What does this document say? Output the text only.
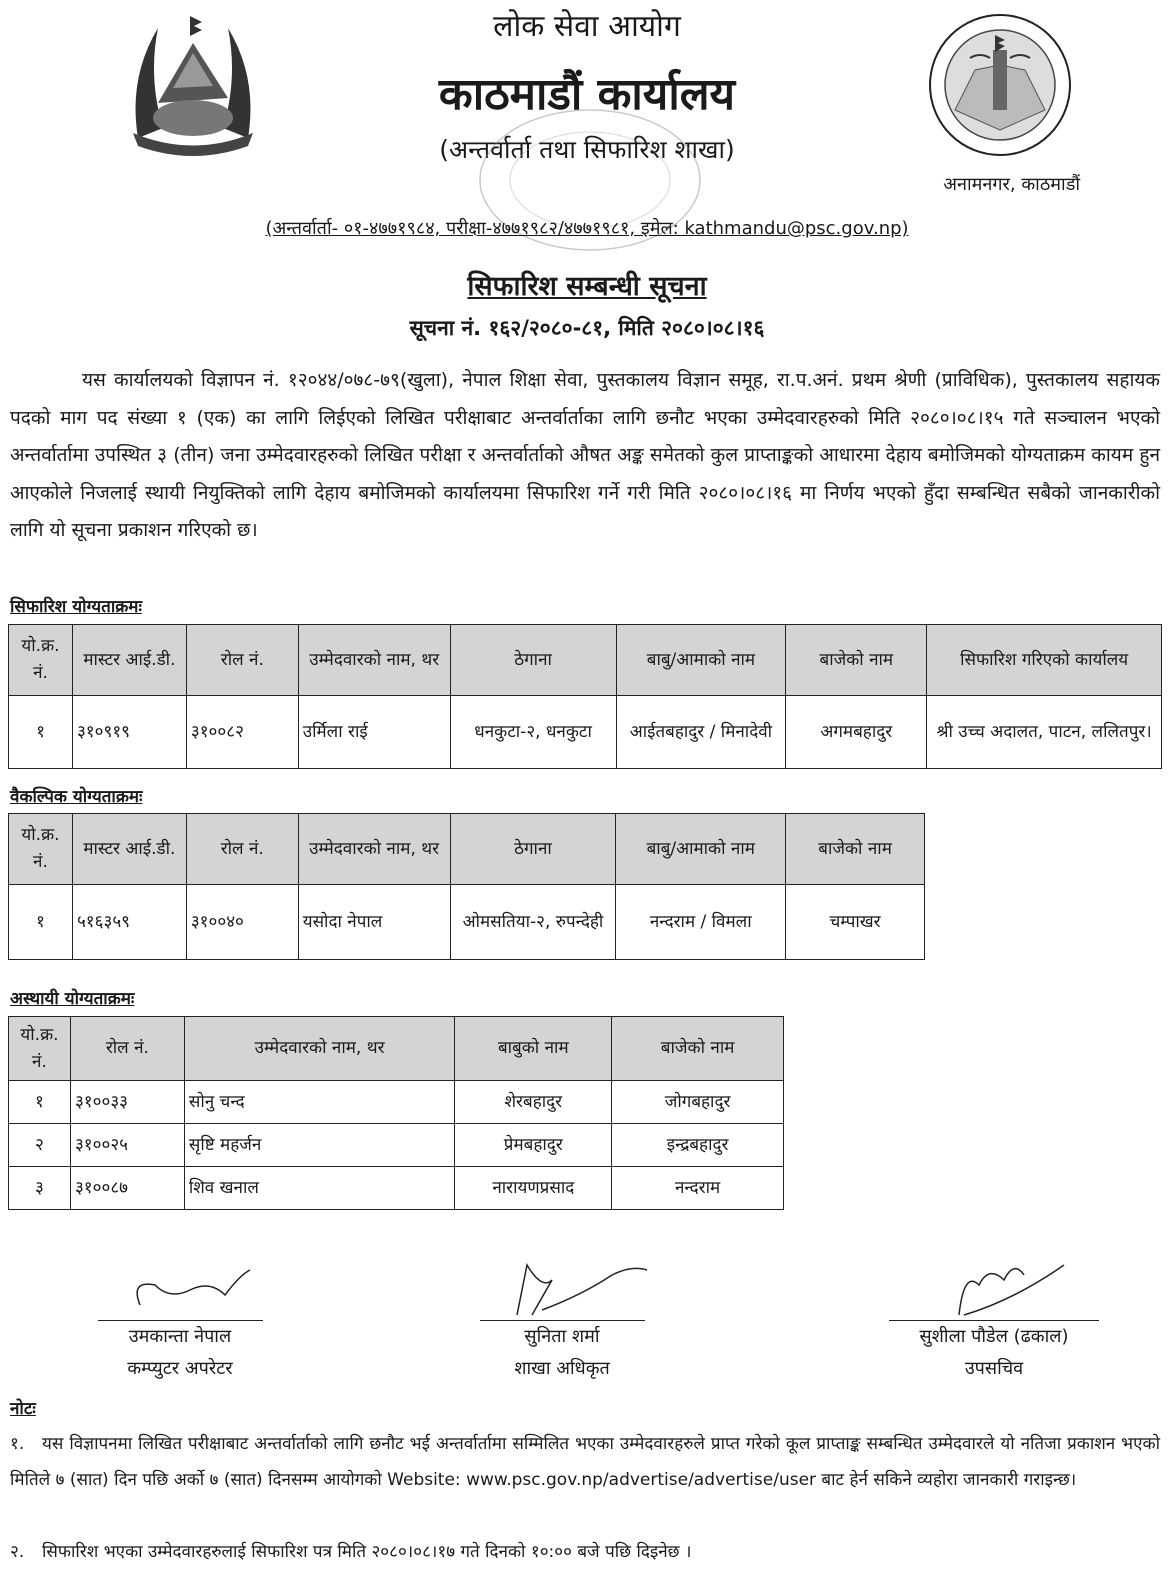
लोक सेवा आयोग
काठमाडौं कार्यालय
(अन्तर्वार्ता तथा सिफारिश शाखा)
अनामनगर, काठमाडौं
(अन्तर्वार्ता- ०१-४७७१९८४, परीक्षा-४७७१९८२/४७७१९८१, इमेल: kathmandu@psc.gov.np)
सिफारिश सम्बन्धी सूचना
सूचना नं. १६२/२०८०-८१, मिति २०८०।०८।१६
यस कार्यालयको विज्ञापन नं. १२०४४/०७८-७९(खुला), नेपाल शिक्षा सेवा, पुस्तकालय विज्ञान समूह, रा.प.अनं. प्रथम श्रेणी (प्राविधिक), पुस्तकालय सहायक पदको माग पद संख्या १ (एक) का लागि लिईएको लिखित परीक्षाबाट अन्तर्वार्ताका लागि छनौट भएका उम्मेदवारहरुको मिति २०८०।०८।१५ गते सञ्चालन भएको अन्तर्वार्तामा उपस्थित ३ (तीन) जना उम्मेदवारहरुको लिखित परीक्षा र अन्तर्वार्ताको औषत अङ्क समेतको कुल प्राप्ताङ्कको आधारमा देहाय बमोजिमको योग्यताक्रम कायम हुन आएकोले निजलाई स्थायी नियुक्तिको लागि देहाय बमोजिमको कार्यालयमा सिफारिश गर्ने गरी मिति २०८०।०८।१६ मा निर्णय भएको हुँदा सम्बन्धित सबैको जानकारीको लागि यो सूचना प्रकाशन गरिएको छ।
सिफारिश योग्यताक्रमः
यो.क्र. नं.	मास्टर आई.डी.	रोल नं.	उम्मेदवारको नाम, थर	ठेगाना	बाबु/आमाको नाम	बाजेको नाम	सिफारिश गरिएको कार्यालय
१	३१०९१९	३१००८२	उर्मिला राई	धनकुटा-२, धनकुटा	आईतबहादुर / मिनादेवी	अगमबहादुर	श्री उच्च अदालत, पाटन, ललितपुर।
वैकल्पिक योग्यताक्रमः
यो.क्र. नं.	मास्टर आई.डी.	रोल नं.	उम्मेदवारको नाम, थर	ठेगाना	बाबु/आमाको नाम	बाजेको नाम
१	५१६३५९	३१००४०	यसोदा नेपाल	ओमसतिया-२, रुपन्देही	नन्दराम / विमला	चम्पाखर
अस्थायी योग्यताक्रमः
यो.क्र. नं.	रोल नं.	उम्मेदवारको नाम, थर	बाबुको नाम	बाजेको नाम
१	३१००३३	सोनु चन्द	शेरबहादुर	जोगबहादुर
२	३१००२५	सृष्टि महर्जन	प्रेमबहादुर	इन्द्रबहादुर
३	३१००८७	शिव खनाल	नारायणप्रसाद	नन्दराम
उमकान्ता नेपाल
कम्प्युटर अपरेटर
सुनिता शर्मा
शाखा अधिकृत
सुशीला पौडेल (ढकाल)
उपसचिव
नोटः
१. यस विज्ञापनमा लिखित परीक्षाबाट अन्तर्वार्ताको लागि छनौट भई अन्तर्वार्तामा सम्मिलित भएका उम्मेदवारहरुले प्राप्त गरेको कूल प्राप्ताङ्क सम्बन्धित उम्मेदवारले यो नतिजा प्रकाशन भएको मितिले ७ (सात) दिन पछि अर्को ७ (सात) दिनसम्म आयोगको Website: www.psc.gov.np/advertise/advertise/user बाट हेर्न सकिने व्यहोरा जानकारी गराइन्छ।
२. सिफारिश भएका उम्मेदवारहरुलाई सिफारिश पत्र मिति २०८०।०८।१७ गते दिनको १०:०० बजे पछि दिइनेछ ।
